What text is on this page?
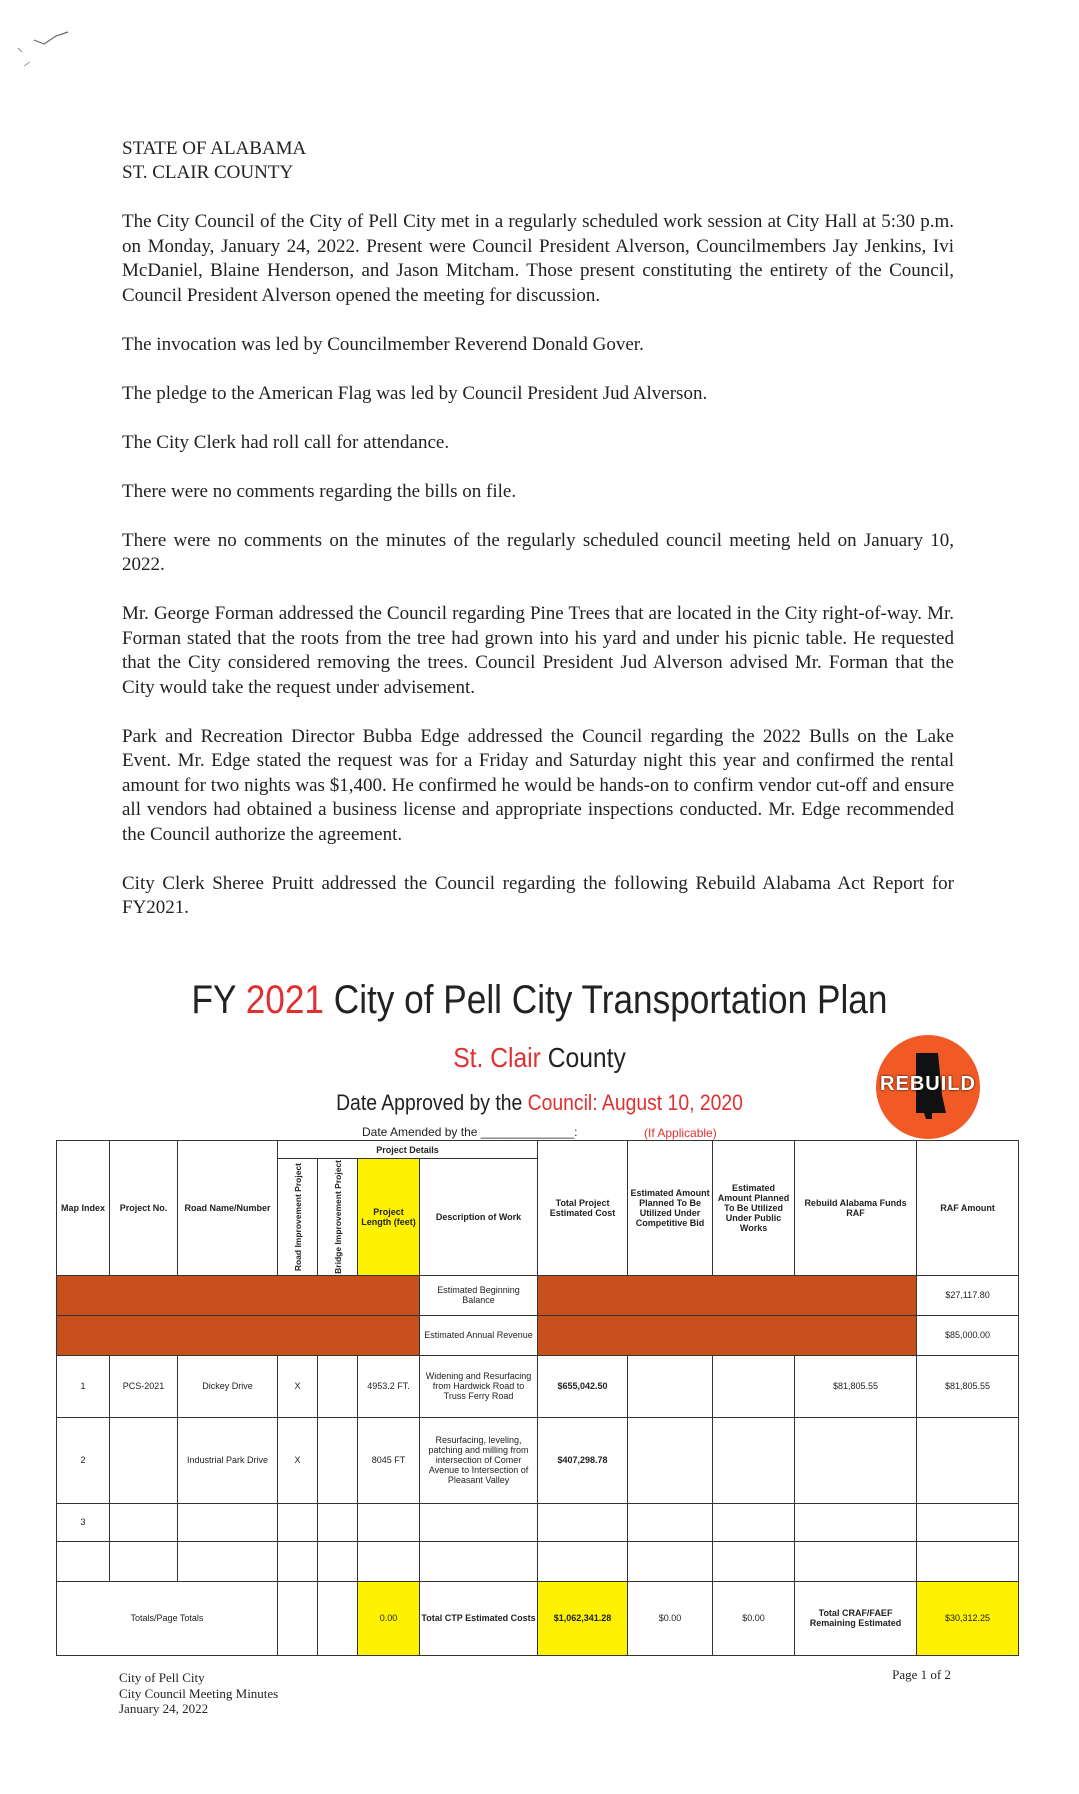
STATE OF ALABAMA
ST. CLAIR COUNTY

The City Council of the City of Pell City met in a regularly scheduled work session at City Hall at 5:30 p.m. on Monday, January 24, 2022. Present were Council President Alverson, Councilmembers Jay Jenkins, Ivi McDaniel, Blaine Henderson, and Jason Mitcham. Those present constituting the entirety of the Council, Council President Alverson opened the meeting for discussion.

The invocation was led by Councilmember Reverend Donald Gover.

The pledge to the American Flag was led by Council President Jud Alverson.

The City Clerk had roll call for attendance.

There were no comments regarding the bills on file.

There were no comments on the minutes of the regularly scheduled council meeting held on January 10, 2022.

Mr. George Forman addressed the Council regarding Pine Trees that are located in the City right-of-way. Mr. Forman stated that the roots from the tree had grown into his yard and under his picnic table. He requested that the City considered removing the trees. Council President Jud Alverson advised Mr. Forman that the City would take the request under advisement.

Park and Recreation Director Bubba Edge addressed the Council regarding the 2022 Bulls on the Lake Event. Mr. Edge stated the request was for a Friday and Saturday night this year and confirmed the rental amount for two nights was $1,400. He confirmed he would be hands-on to confirm vendor cut-off and ensure all vendors had obtained a business license and appropriate inspections conducted. Mr. Edge recommended the Council authorize the agreement.

City Clerk Sheree Pruitt addressed the Council regarding the following Rebuild Alabama Act Report for FY2021.

FY 2021 City of Pell City Transportation Plan
St. Clair County
Date Approved by the Council: August 10, 2020
Date Amended by the ______________:	(If Applicable)
REBUILD
Map Index	Project No.	Road Name/Number	Project Details				Total Project Estimated Cost	Estimated Amount Planned To Be Utilized Under Competitive Bid	Estimated Amount Planned To Be Utilized Under Public Works	Rebuild Alabama Funds RAF	RAF Amount

			Road Improvement Project	Bridge Improvement Project	Project Length (feet)	Description of Work					
						Estimated Beginning Balance					$27,117.80
						Estimated Annual Revenue					$85,000.00
1	PCS-2021	Dickey Drive	X		4953.2 FT.	Widening and Resurfacing from Hardwick Road to Truss Ferry Road	$655,042.50			$81,805.55	$81,805.55
2		Industrial Park Drive	X		8045 FT	Resurfacing, leveling, patching and milling from intersection of Comer Avenue to Intersection of Pleasant Valley	$407,298.78				
3											

Totals/Page Totals					0.00	Total CTP Estimated Costs	$1,062,341.28	$0.00	$0.00	Total CRAF/FAEF Remaining Estimated	$30,312.25
City of Pell City
City Council Meeting Minutes
January 24, 2022
Page 1 of 2
